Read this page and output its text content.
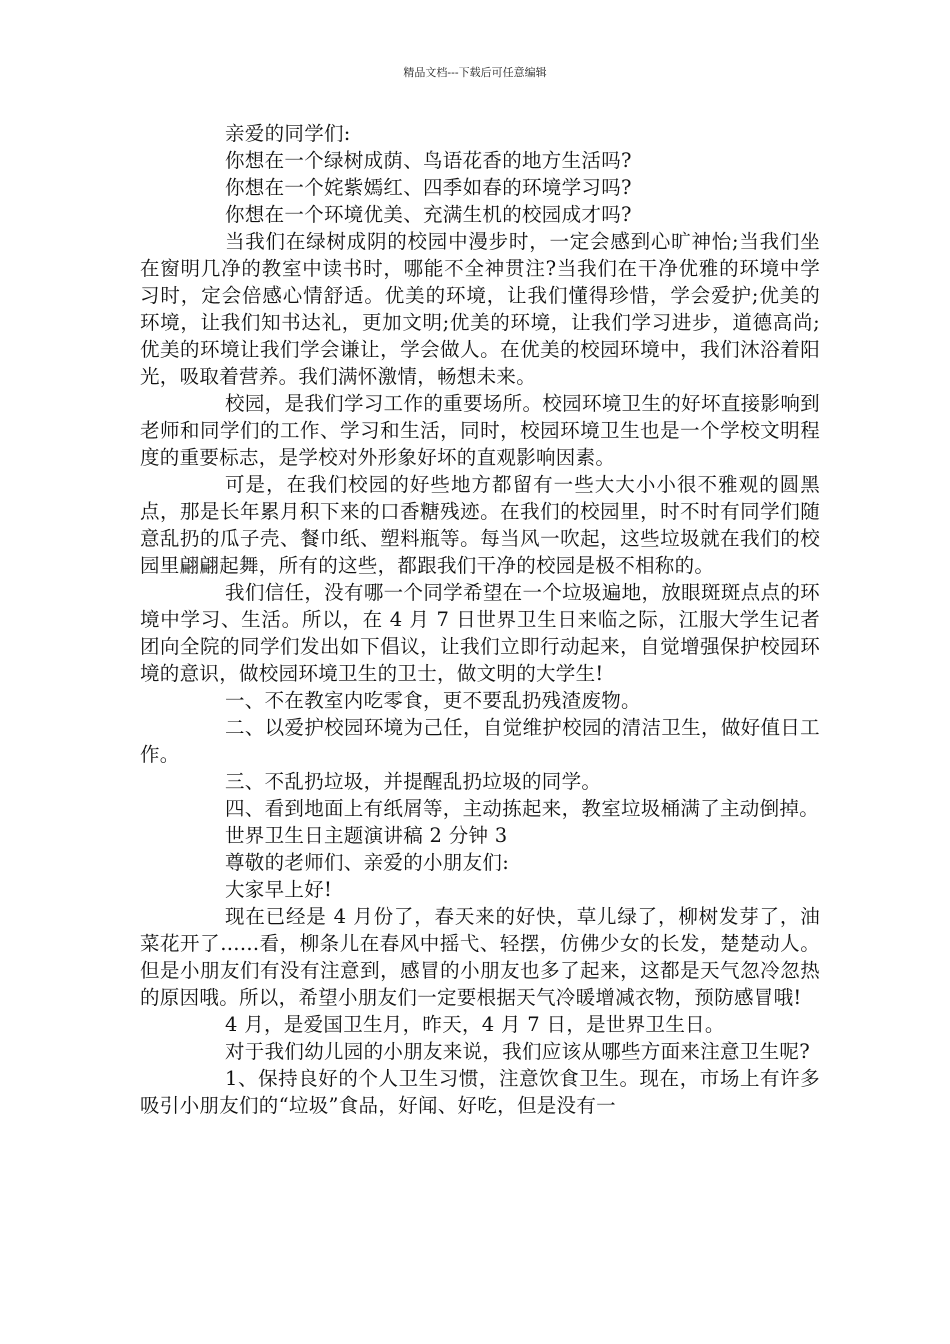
精品文档---下载后可任意编辑

亲爱的同学们:

你想在一个绿树成荫、鸟语花香的地方生活吗?

你想在一个姹紫嫣红、四季如春的环境学习吗?

你想在一个环境优美、充满生机的校园成才吗?

当我们在绿树成阴的校园中漫步时，一定会感到心旷神怡;当我们坐在窗明几净的教室中读书时，哪能不全神贯注?当我们在干净优雅的环境中学习时，定会倍感心情舒适。优美的环境，让我们懂得珍惜，学会爱护;优美的环境，让我们知书达礼，更加文明;优美的环境，让我们学习进步，道德高尚;优美的环境让我们学会谦让，学会做人。在优美的校园环境中，我们沐浴着阳光，吸取着营养。我们满怀激情，畅想未来。

校园，是我们学习工作的重要场所。校园环境卫生的好坏直接影响到老师和同学们的工作、学习和生活，同时，校园环境卫生也是一个学校文明程度的重要标志，是学校对外形象好坏的直观影响因素。

可是，在我们校园的好些地方都留有一些大大小小很不雅观的圆黑点，那是长年累月积下来的口香糖残迹。在我们的校园里，时不时有同学们随意乱扔的瓜子壳、餐巾纸、塑料瓶等。每当风一吹起，这些垃圾就在我们的校园里翩翩起舞，所有的这些，都跟我们干净的校园是极不相称的。

我们信任，没有哪一个同学希望在一个垃圾遍地，放眼斑斑点点的环境中学习、生活。所以，在 4 月 7 日世界卫生日来临之际，江服大学生记者团向全院的同学们发出如下倡议，让我们立即行动起来，自觉增强保护校园环境的意识，做校园环境卫生的卫士，做文明的大学生!

一、不在教室内吃零食，更不要乱扔残渣废物。

二、以爱护校园环境为己任，自觉维护校园的清洁卫生，做好值日工作。

三、不乱扔垃圾，并提醒乱扔垃圾的同学。

四、看到地面上有纸屑等，主动拣起来，教室垃圾桶满了主动倒掉。

世界卫生日主题演讲稿 2 分钟 3

尊敬的老师们、亲爱的小朋友们:

大家早上好!

现在已经是 4 月份了，春天来的好快，草儿绿了，柳树发芽了，油菜花开了…...看，柳条儿在春风中摇弋、轻摆，仿佛少女的长发，楚楚动人。但是小朋友们有没有注意到，感冒的小朋友也多了起来，这都是天气忽冷忽热的原因哦。所以，希望小朋友们一定要根据天气冷暖增减衣物，预防感冒哦!

4 月，是爱国卫生月，昨天，4 月 7 日，是世界卫生日。

对于我们幼儿园的小朋友来说，我们应该从哪些方面来注意卫生呢?

1、保持良好的个人卫生习惯，注意饮食卫生。现在，市场上有许多吸引小朋友们的“垃圾”食品，好闻、好吃，但是没有一
